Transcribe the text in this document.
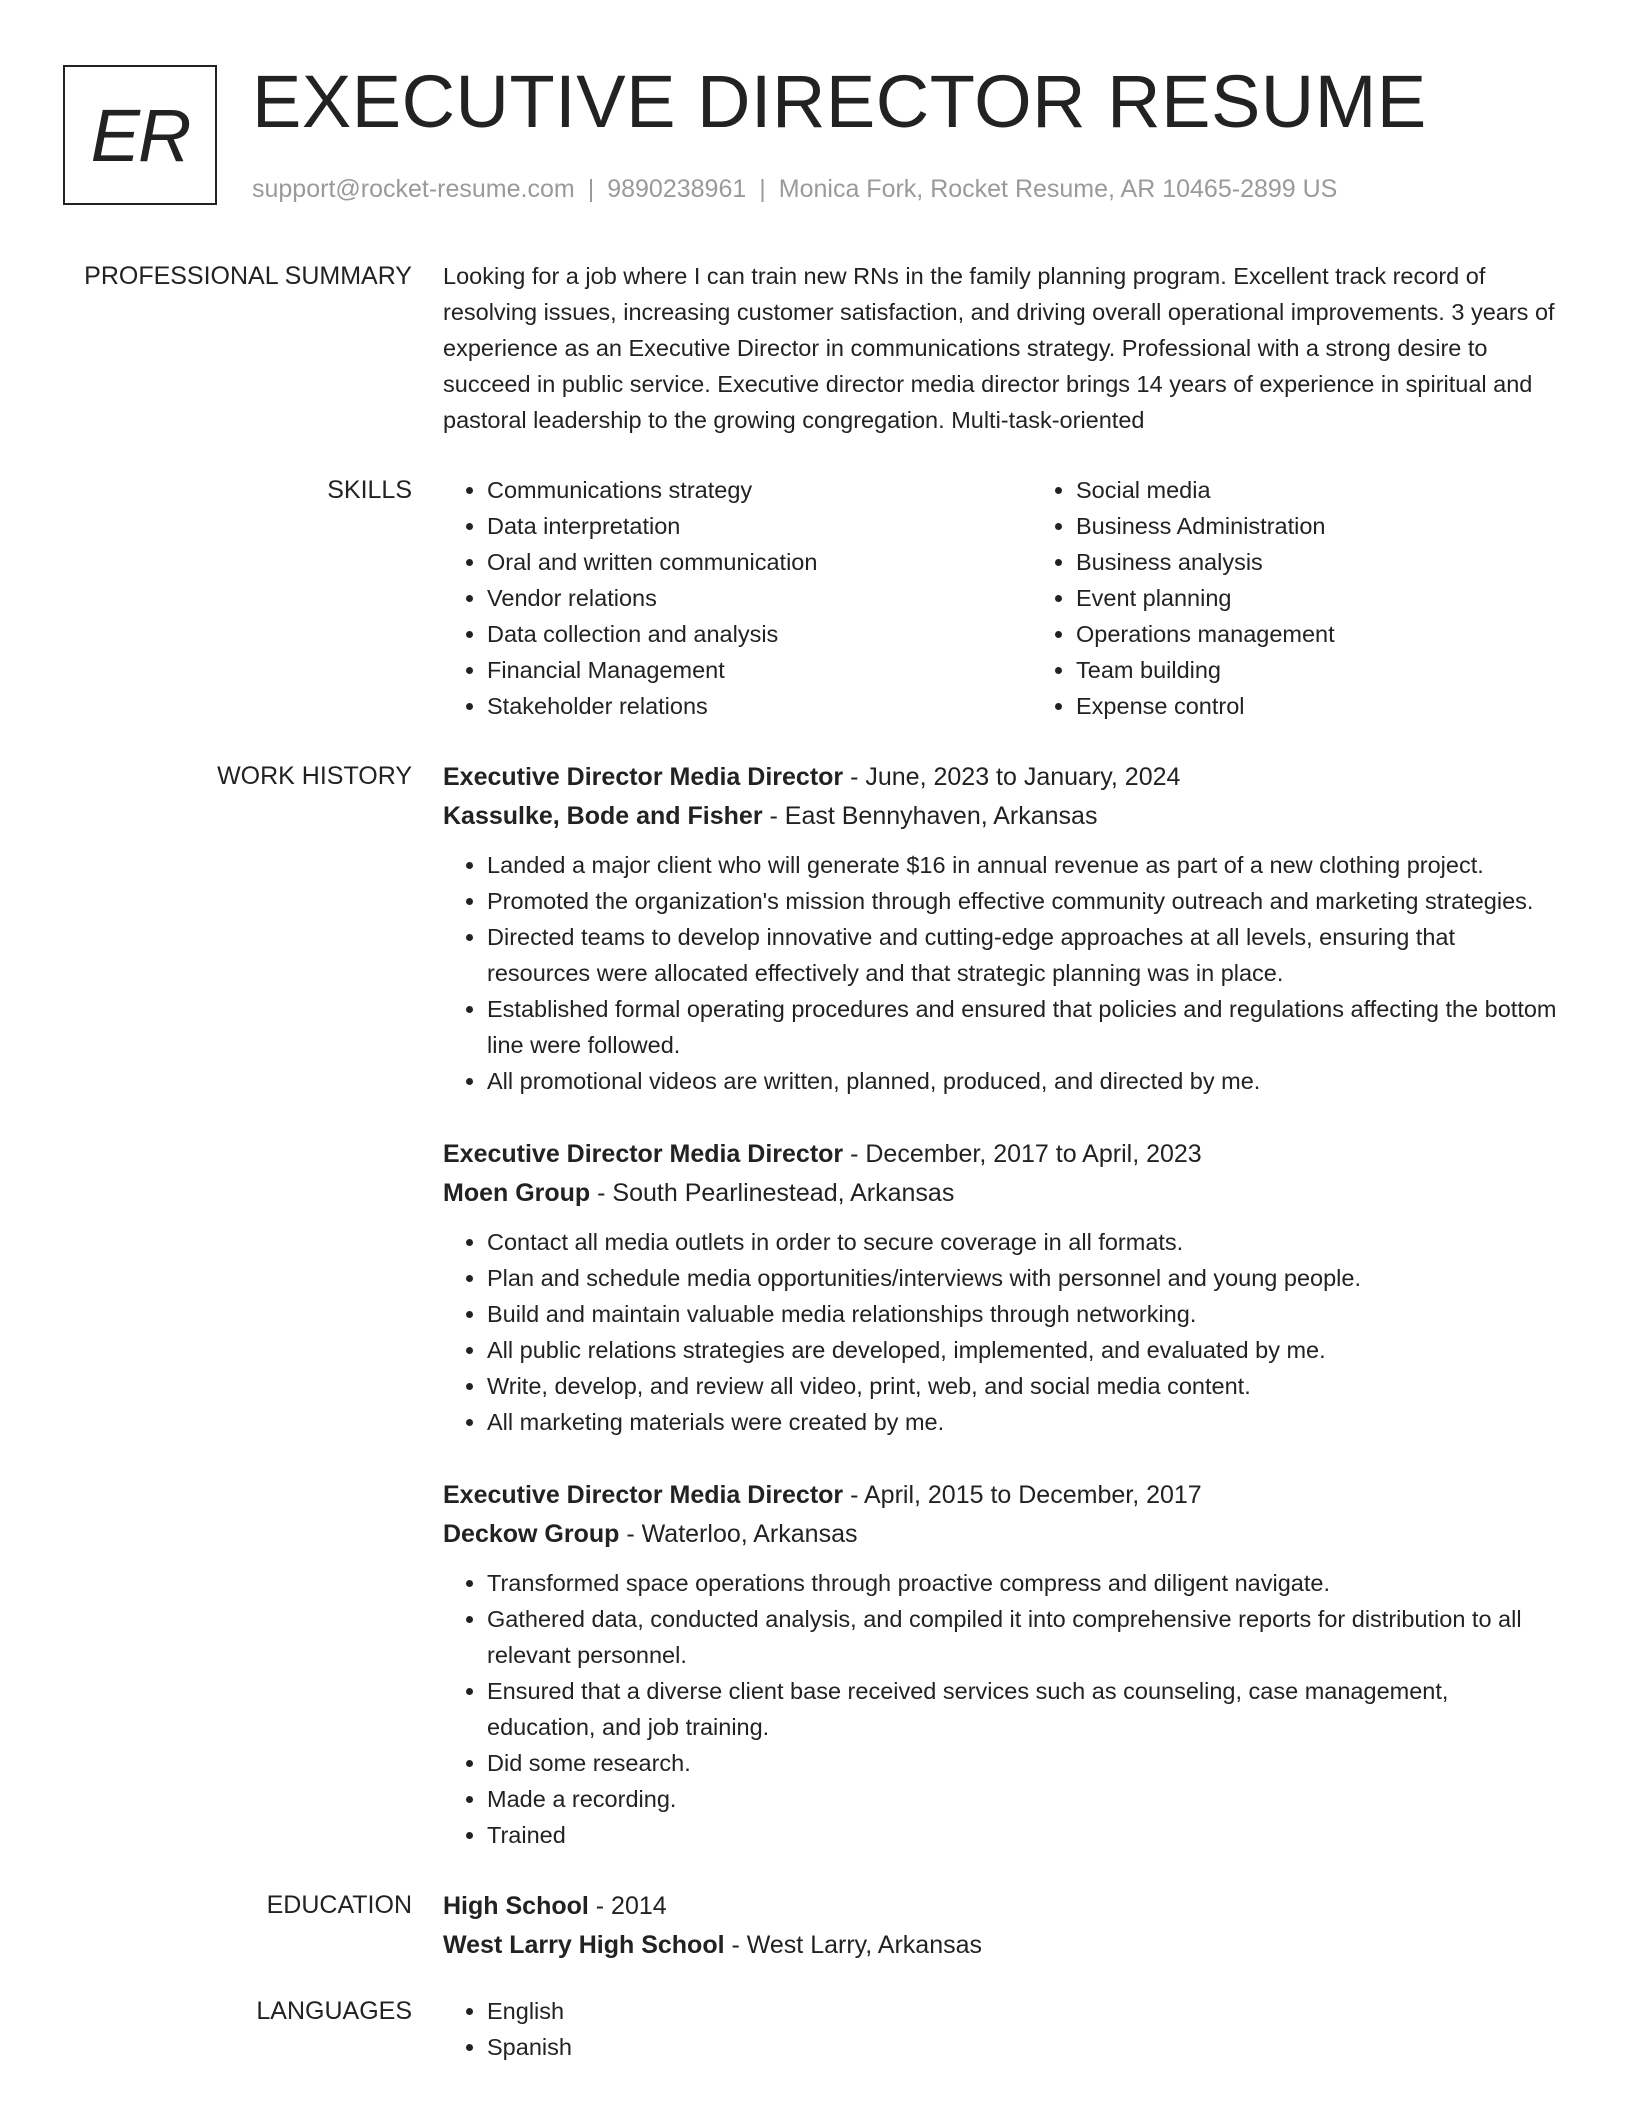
ER EXECUTIVE DIRECTOR RESUME
support@rocket-resume.com | 9890238961 | Monica Fork, Rocket Resume, AR 10465-2899 US
PROFESSIONAL SUMMARY Looking for a job where I can train new RNs in the family planning program. Excellent track record of resolving issues, increasing customer satisfaction, and driving overall operational improvements. 3 years of experience as an Executive Director in communications strategy. Professional with a strong desire to succeed in public service. Executive director media director brings 14 years of experience in spiritual and pastoral leadership to the growing congregation. Multi-task-oriented

SKILLS	• Communications strategy
• Data interpretation
• Oral and written communication
• Vendor relations
• Data collection and analysis
• Financial Management
• Stakeholder relations
• Social media
• Business Administration
• Business analysis
• Event planning
• Operations management
• Team building
• Expense control
WORK HISTORY Executive Director Media Director - June, 2023 to January, 2024
Kassulke, Bode and Fisher - East Bennyhaven, Arkansas
• Landed a major client who will generate $16 in annual revenue as part of a new clothing project.
• Promoted the organization's mission through effective community outreach and marketing strategies.
• Directed teams to develop innovative and cutting-edge approaches at all levels, ensuring that resources were allocated effectively and that strategic planning was in place.
• Established formal operating procedures and ensured that policies and regulations affecting the bottom line were followed.
• All promotional videos are written, planned, produced, and directed by me.
Executive Director Media Director - December, 2017 to April, 2023
Moen Group - South Pearlinestead, Arkansas
• Contact all media outlets in order to secure coverage in all formats.
• Plan and schedule media opportunities/interviews with personnel and young people.
• Build and maintain valuable media relationships through networking.
• All public relations strategies are developed, implemented, and evaluated by me.
• Write, develop, and review all video, print, web, and social media content.
• All marketing materials were created by me.
Executive Director Media Director - April, 2015 to December, 2017
Deckow Group - Waterloo, Arkansas
• Transformed space operations through proactive compress and diligent navigate.
• Gathered data, conducted analysis, and compiled it into comprehensive reports for distribution to all relevant personnel.
• Ensured that a diverse client base received services such as counseling, case management, education, and job training.
• Did some research.
• Made a recording.
• Trained
EDUCATION High School - 2014
West Larry High School - West Larry, Arkansas
LANGUAGES	• English
• Spanish
